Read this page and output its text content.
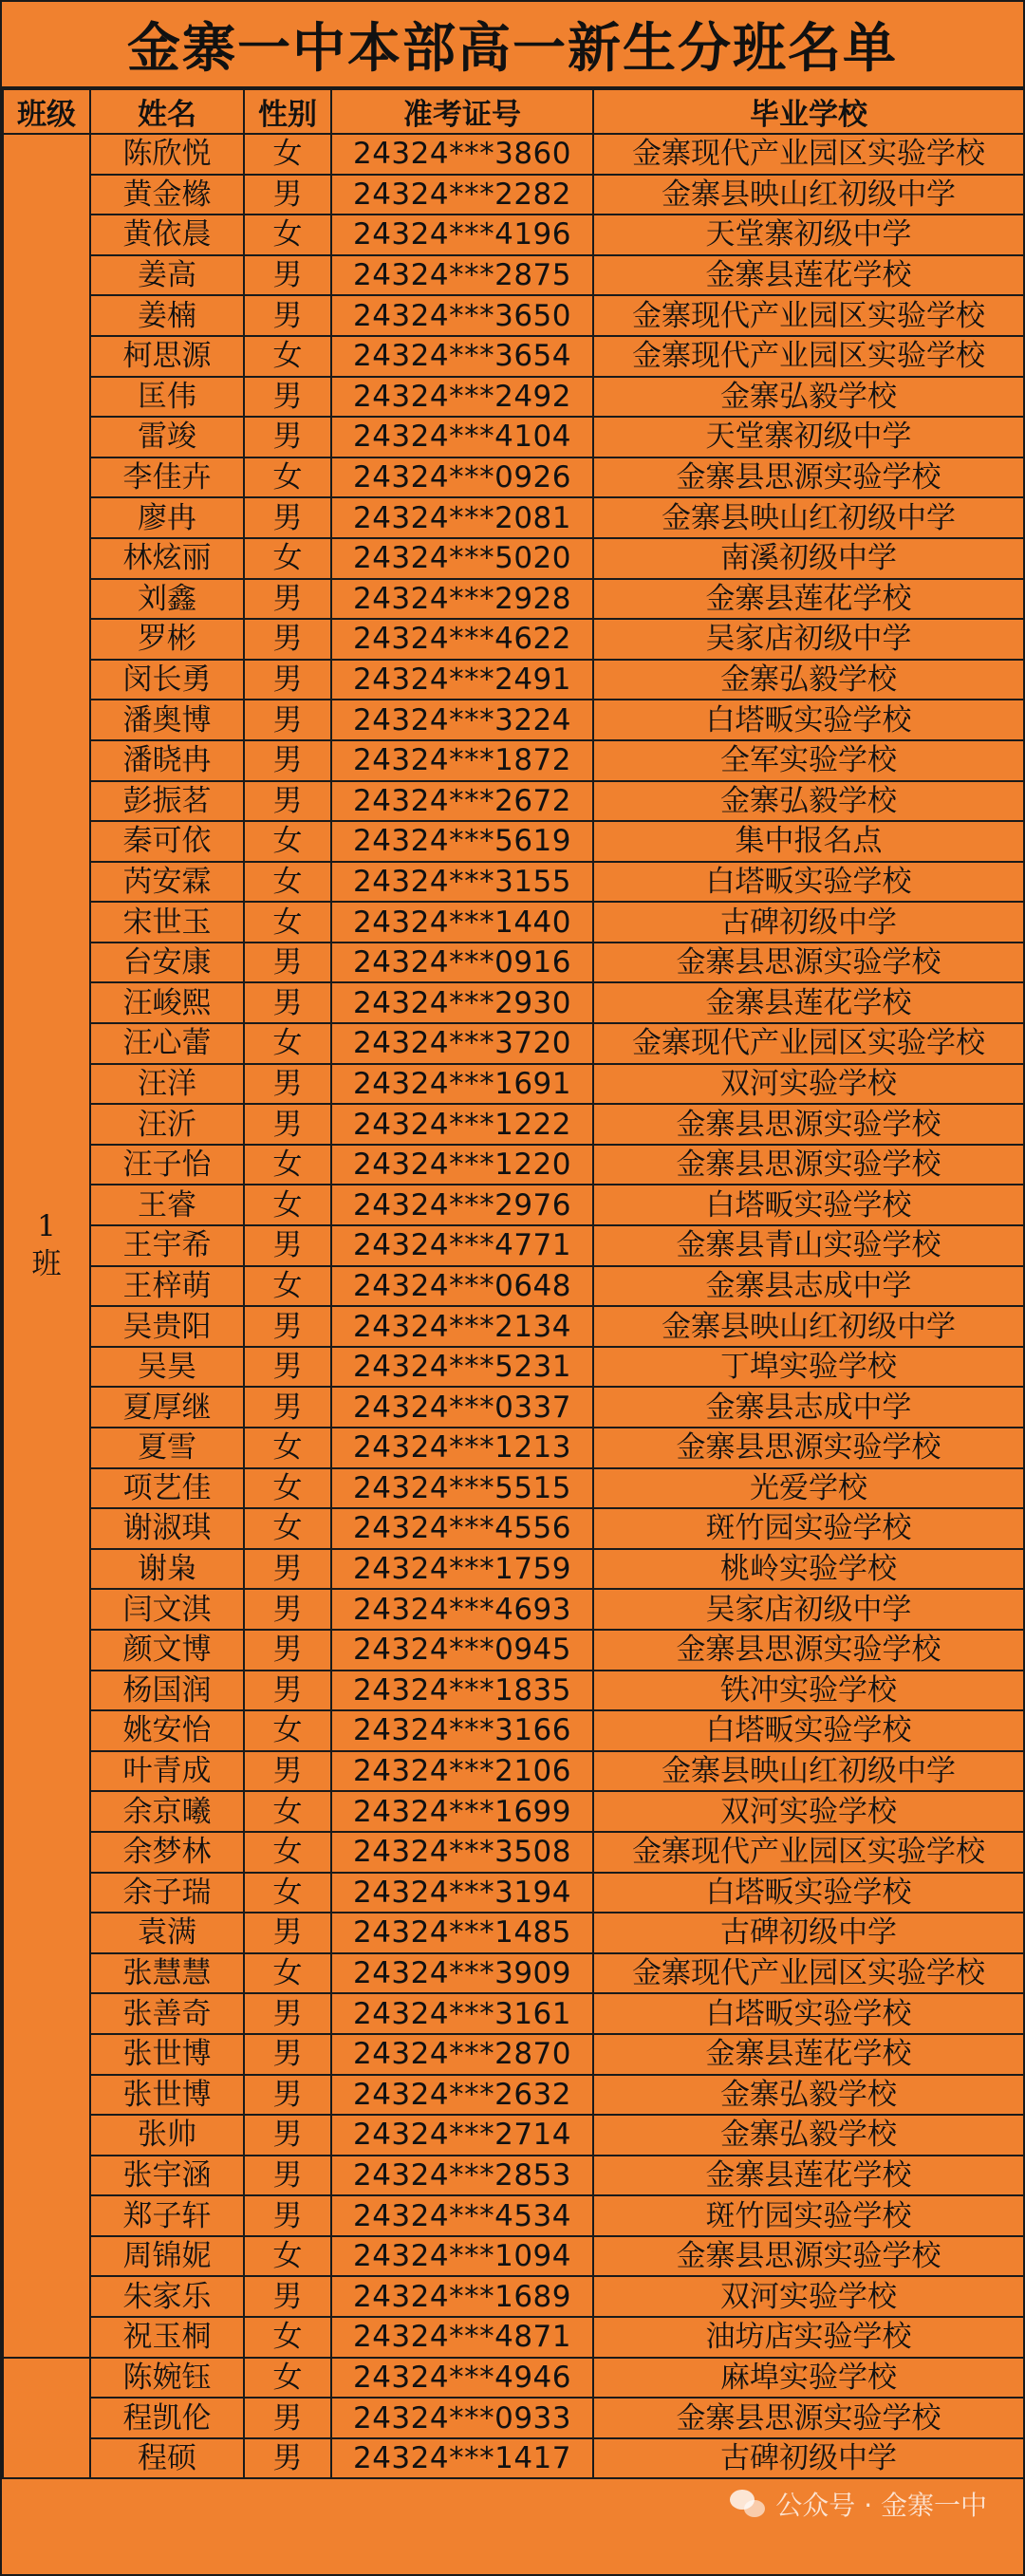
金寨一中本部高一新生分班名单
班级	姓名	性别	准考证号	毕业学校

1
班	陈欣悦	女	24324***3860	金寨现代产业园区实验学校
	黄金橼	男	24324***2282	金寨县映山红初级中学
	黄依晨	女	24324***4196	天堂寨初级中学
	姜高	男	24324***2875	金寨县莲花学校
	姜楠	男	24324***3650	金寨现代产业园区实验学校
	柯思源	女	24324***3654	金寨现代产业园区实验学校
	匡伟	男	24324***2492	金寨弘毅学校
	雷竣	男	24324***4104	天堂寨初级中学
	李佳卉	女	24324***0926	金寨县思源实验学校
	廖冉	男	24324***2081	金寨县映山红初级中学
	林炫丽	女	24324***5020	南溪初级中学
	刘鑫	男	24324***2928	金寨县莲花学校
	罗彬	男	24324***4622	吴家店初级中学
	闵长勇	男	24324***2491	金寨弘毅学校
	潘奥博	男	24324***3224	白塔畈实验学校
	潘晓冉	男	24324***1872	全军实验学校
	彭振茗	男	24324***2672	金寨弘毅学校
	秦可依	女	24324***5619	集中报名点
	芮安霖	女	24324***3155	白塔畈实验学校
	宋世玉	女	24324***1440	古碑初级中学
	台安康	男	24324***0916	金寨县思源实验学校
	汪峻熙	男	24324***2930	金寨县莲花学校
	汪心蕾	女	24324***3720	金寨现代产业园区实验学校
	汪洋	男	24324***1691	双河实验学校
	汪沂	男	24324***1222	金寨县思源实验学校
	汪子怡	女	24324***1220	金寨县思源实验学校
	王睿	女	24324***2976	白塔畈实验学校
	王宇希	男	24324***4771	金寨县青山实验学校
	王梓萌	女	24324***0648	金寨县志成中学
	吴贵阳	男	24324***2134	金寨县映山红初级中学
	吴昊	男	24324***5231	丁埠实验学校
	夏厚继	男	24324***0337	金寨县志成中学
	夏雪	女	24324***1213	金寨县思源实验学校
	项艺佳	女	24324***5515	光爱学校
	谢淑琪	女	24324***4556	斑竹园实验学校
	谢枭	男	24324***1759	桃岭实验学校
	闫文淇	男	24324***4693	吴家店初级中学
	颜文博	男	24324***0945	金寨县思源实验学校
	杨国润	男	24324***1835	铁冲实验学校
	姚安怡	女	24324***3166	白塔畈实验学校
	叶青成	男	24324***2106	金寨县映山红初级中学
	余京曦	女	24324***1699	双河实验学校
	余梦林	女	24324***3508	金寨现代产业园区实验学校
	余子瑞	女	24324***3194	白塔畈实验学校
	袁满	男	24324***1485	古碑初级中学
	张慧慧	女	24324***3909	金寨现代产业园区实验学校
	张善奇	男	24324***3161	白塔畈实验学校
	张世博	男	24324***2870	金寨县莲花学校
	张世博	男	24324***2632	金寨弘毅学校
	张帅	男	24324***2714	金寨弘毅学校
	张宇涵	男	24324***2853	金寨县莲花学校
	郑子轩	男	24324***4534	斑竹园实验学校
	周锦妮	女	24324***1094	金寨县思源实验学校
	朱家乐	男	24324***1689	双河实验学校
	祝玉桐	女	24324***4871	油坊店实验学校
	陈婉钰	女	24324***4946	麻埠实验学校
	程凯伦	男	24324***0933	金寨县思源实验学校
	程硕	男	24324***1417	古碑初级中学
公众号 · 金寨一中
